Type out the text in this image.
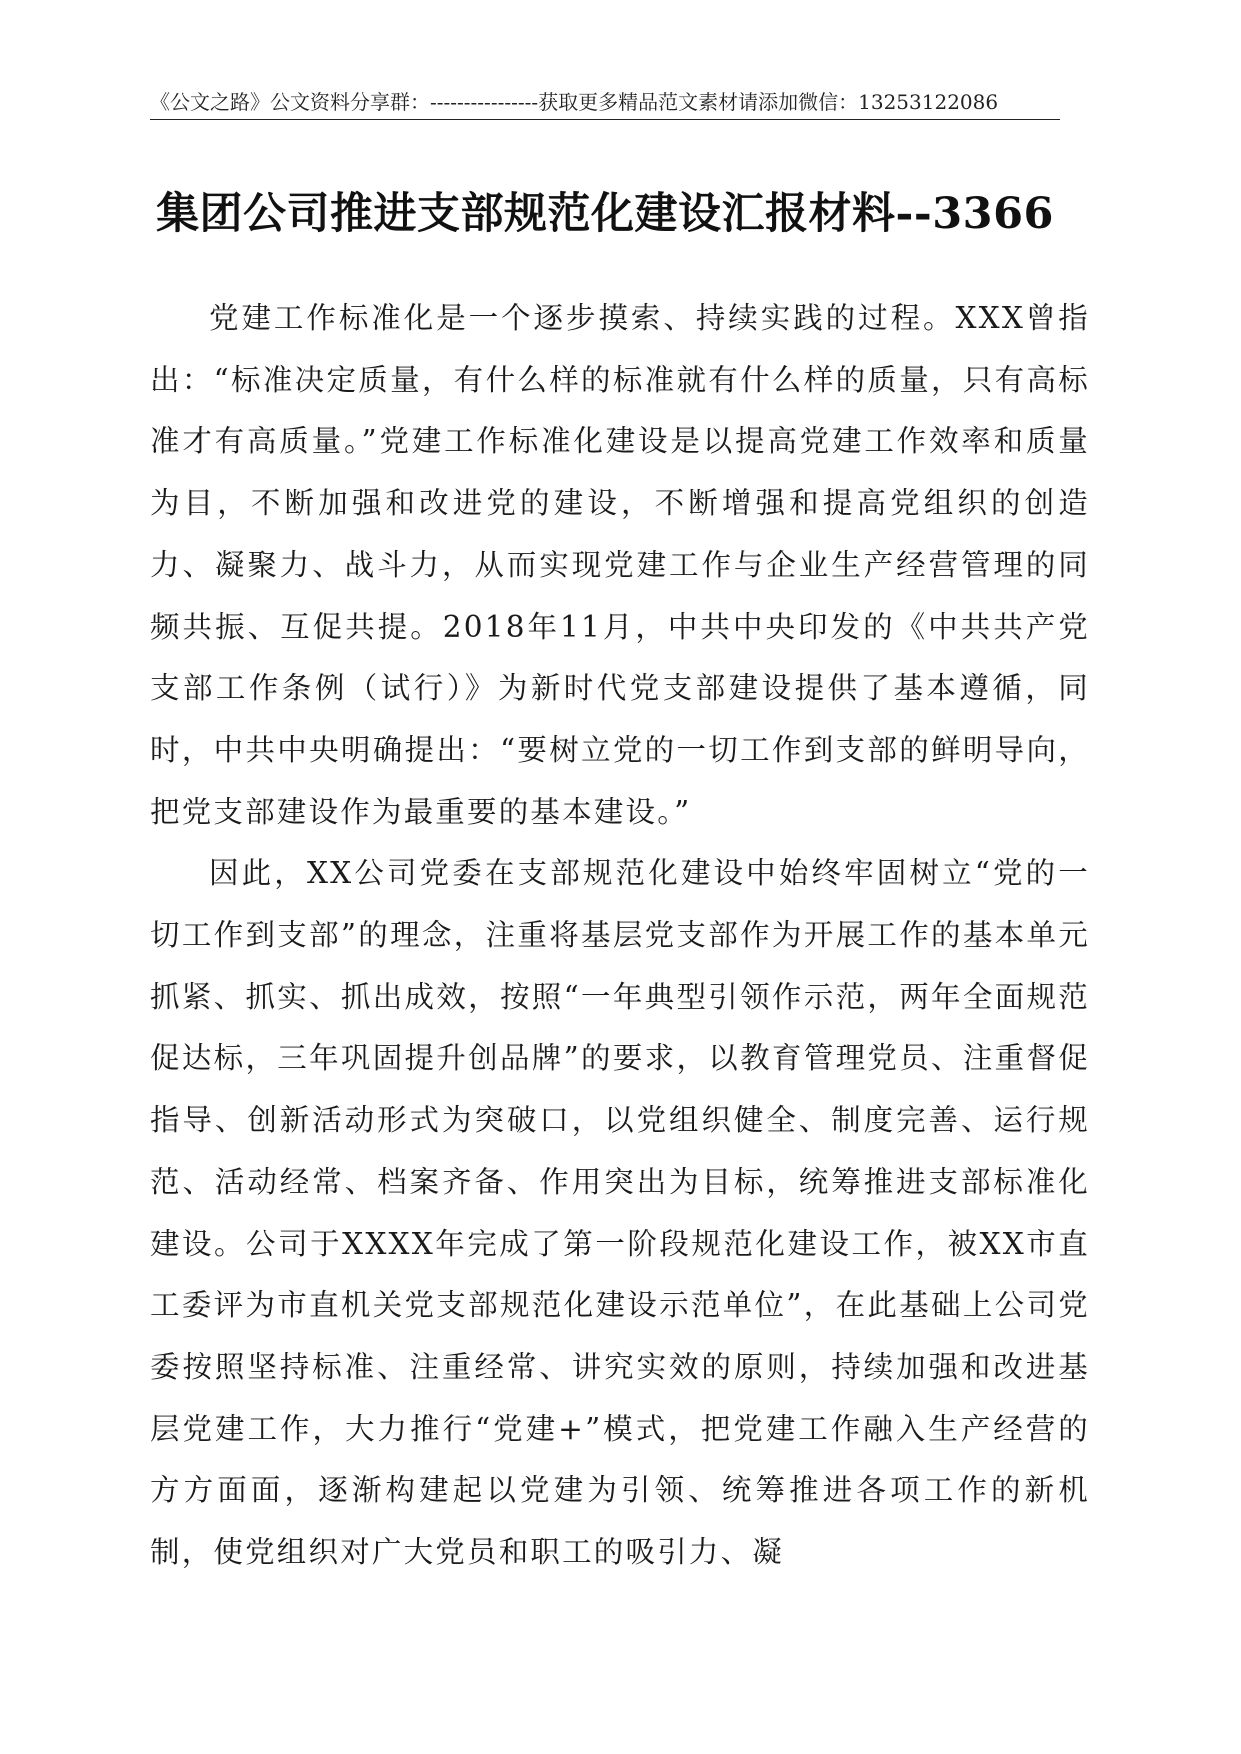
《公文之路》公文资料分享群：----------------获取更多精品范文素材请添加微信：13253122086
集团公司推进支部规范化建设汇报材料--3366

党建工作标准化是一个逐步摸索、持续实践的过程。XXX曾指出：“标准决定质量，有什么样的标准就有什么样的质量，只有高标准才有高质量。”党建工作标准化建设是以提高党建工作效率和质量为目，不断加强和改进党的建设，不断增强和提高党组织的创造力、凝聚力、战斗力，从而实现党建工作与企业生产经营管理的同频共振、互促共提。2018年11月，中共中央印发的《中共共产党支部工作条例（试行）》为新时代党支部建设提供了基本遵循，同时，中共中央明确提出：“要树立党的一切工作到支部的鲜明导向，把党支部建设作为最重要的基本建设。”

因此，XX公司党委在支部规范化建设中始终牢固树立“党的一切工作到支部”的理念，注重将基层党支部作为开展工作的基本单元抓紧、抓实、抓出成效，按照“一年典型引领作示范，两年全面规范促达标，三年巩固提升创品牌”的要求，以教育管理党员、注重督促指导、创新活动形式为突破口，以党组织健全、制度完善、运行规范、活动经常、档案齐备、作用突出为目标，统筹推进支部标准化建设。公司于XXXX年完成了第一阶段规范化建设工作，被XX市直工委评为市直机关党支部规范化建设示范单位”，在此基础上公司党委按照坚持标准、注重经常、讲究实效的原则，持续加强和改进基层党建工作，大力推行“党建+”模式，把党建工作融入生产经营的方方面面，逐渐构建起以党建为引领、统筹推进各项工作的新机制，使党组织对广大党员和职工的吸引力、凝
